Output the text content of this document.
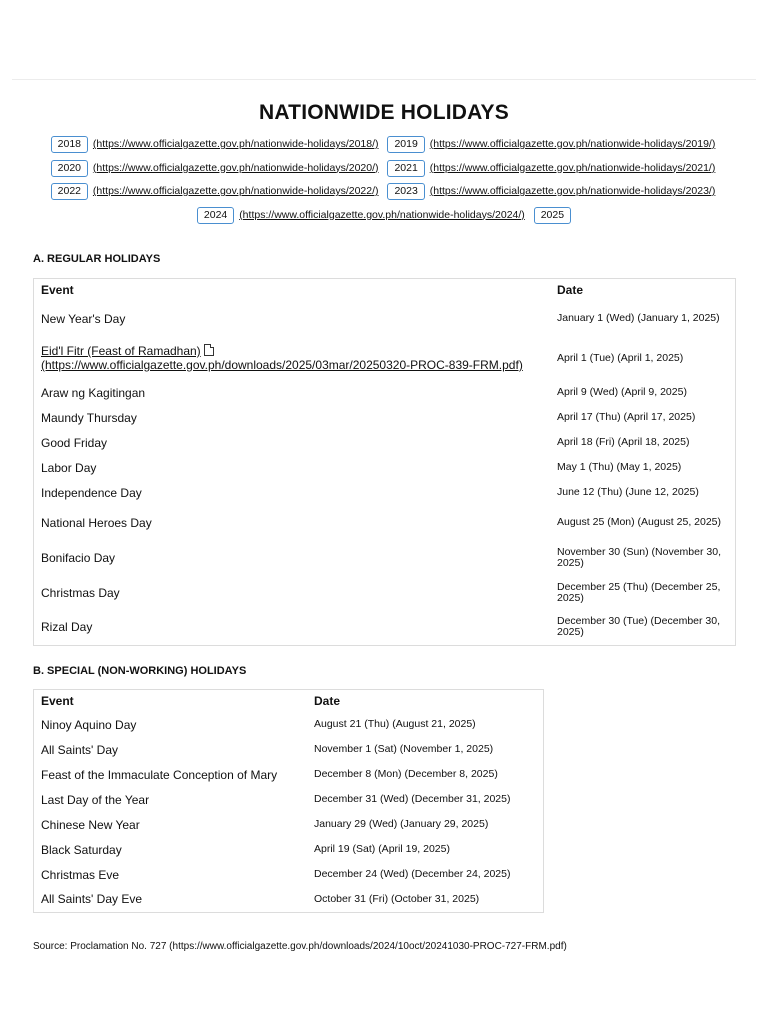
NATIONWIDE HOLIDAYS
2018 (https://www.officialgazette.gov.ph/nationwide-holidays/2018/) 2019 (https://www.officialgazette.gov.ph/nationwide-holidays/2019/) 2020 (https://www.officialgazette.gov.ph/nationwide-holidays/2020/) 2021 (https://www.officialgazette.gov.ph/nationwide-holidays/2021/) 2022 (https://www.officialgazette.gov.ph/nationwide-holidays/2022/) 2023 (https://www.officialgazette.gov.ph/nationwide-holidays/2023/) 2024 (https://www.officialgazette.gov.ph/nationwide-holidays/2024/) 2025
A. REGULAR HOLIDAYS
Event	Date
New Year's Day	January 1 (Wed) (January 1, 2025)
Eid'l Fitr (Feast of Ramadhan)
(https://www.officialgazette.gov.ph/downloads/2025/03mar/20250320-PROC-839-FRM.pdf)	April 1 (Tue) (April 1, 2025)
Araw ng Kagitingan	April 9 (Wed) (April 9, 2025)
Maundy Thursday	April 17 (Thu) (April 17, 2025)
Good Friday	April 18 (Fri) (April 18, 2025)
Labor Day	May 1 (Thu) (May 1, 2025)
Independence Day	June 12 (Thu) (June 12, 2025)
National Heroes Day	August 25 (Mon) (August 25, 2025)
Bonifacio Day	November 30 (Sun) (November 30, 2025)
Christmas Day	December 25 (Thu) (December 25, 2025)
Rizal Day	December 30 (Tue) (December 30, 2025)
B. SPECIAL (NON-WORKING) HOLIDAYS
Event	Date
Ninoy Aquino Day	August 21 (Thu) (August 21, 2025)
All Saints' Day	November 1 (Sat) (November 1, 2025)
Feast of the Immaculate Conception of Mary	December 8 (Mon) (December 8, 2025)
Last Day of the Year	December 31 (Wed) (December 31, 2025)
Chinese New Year	January 29 (Wed) (January 29, 2025)
Black Saturday	April 19 (Sat) (April 19, 2025)
Christmas Eve	December 24 (Wed) (December 24, 2025)
All Saints' Day Eve	October 31 (Fri) (October 31, 2025)

Source: Proclamation No. 727 (https://www.officialgazette.gov.ph/downloads/2024/10oct/20241030-PROC-727-FRM.pdf)
